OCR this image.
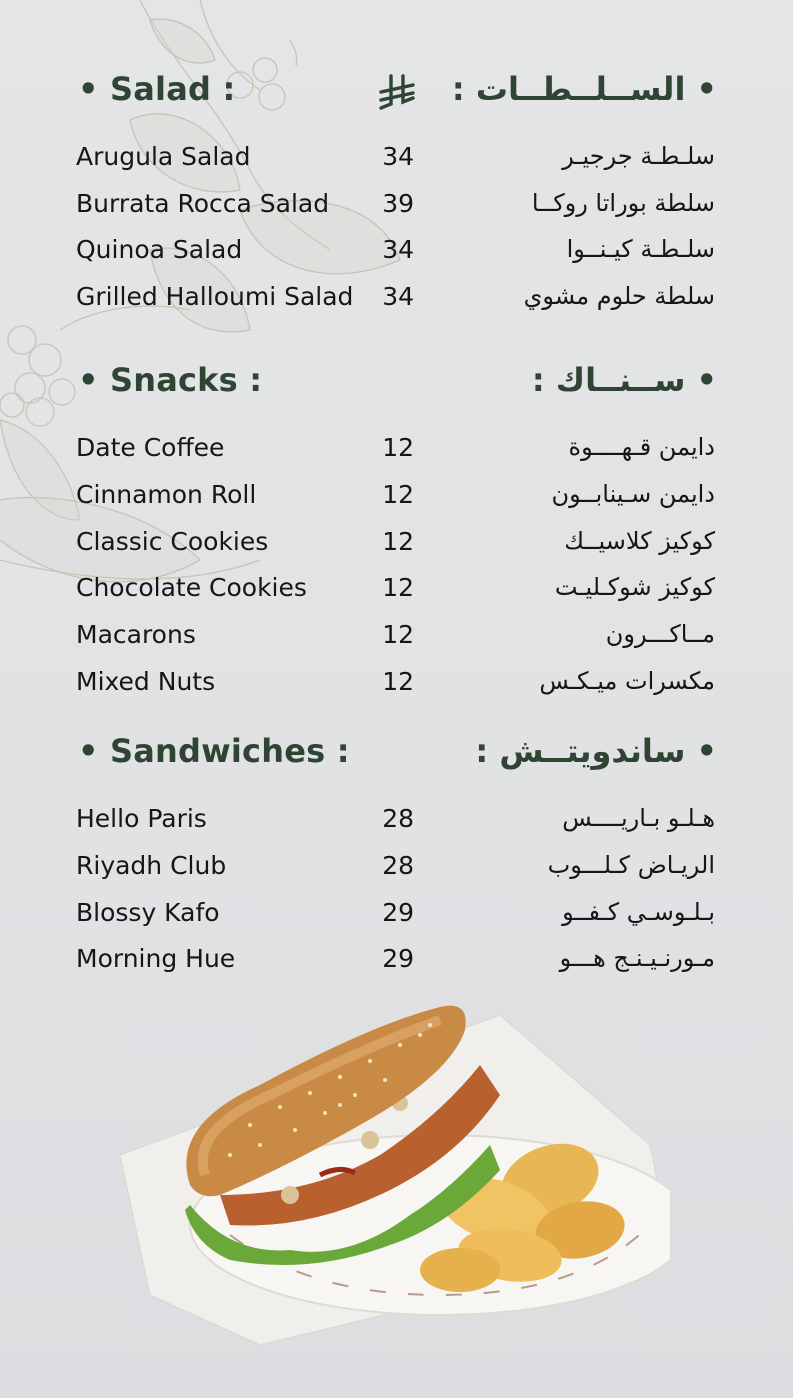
• Salad :	• الســلــطــات :
Arugula Salad	34	سلـطـة جرجيـر
Burrata Rocca Salad	39	سلطة بوراتا روكــا
Quinoa Salad	34	سلـطـة كيـنــوا
Grilled Halloumi Salad	34	سلطة حلوم مشوي
• Snacks :	• ســنــاك :
Date Coffee	12	دايمن قـهــــوة
Cinnamon Roll	12	دايمن سـينابــون
Classic Cookies	12	كوكيز كلاسيــك
Chocolate Cookies	12	كوكيز شوكـليـت
Macarons	12	مــاكـــرون
Mixed Nuts	12	مكسرات ميـكـس
• Sandwiches :	• ساندويتــش :
Hello Paris	28	هـلـو بـاريــــس
Riyadh Club	28	الريـاض كـلـــوب
Blossy Kafo	29	بـلـوسـي كـفــو
Morning Hue	29	مـورنـيـنـج هـــو
